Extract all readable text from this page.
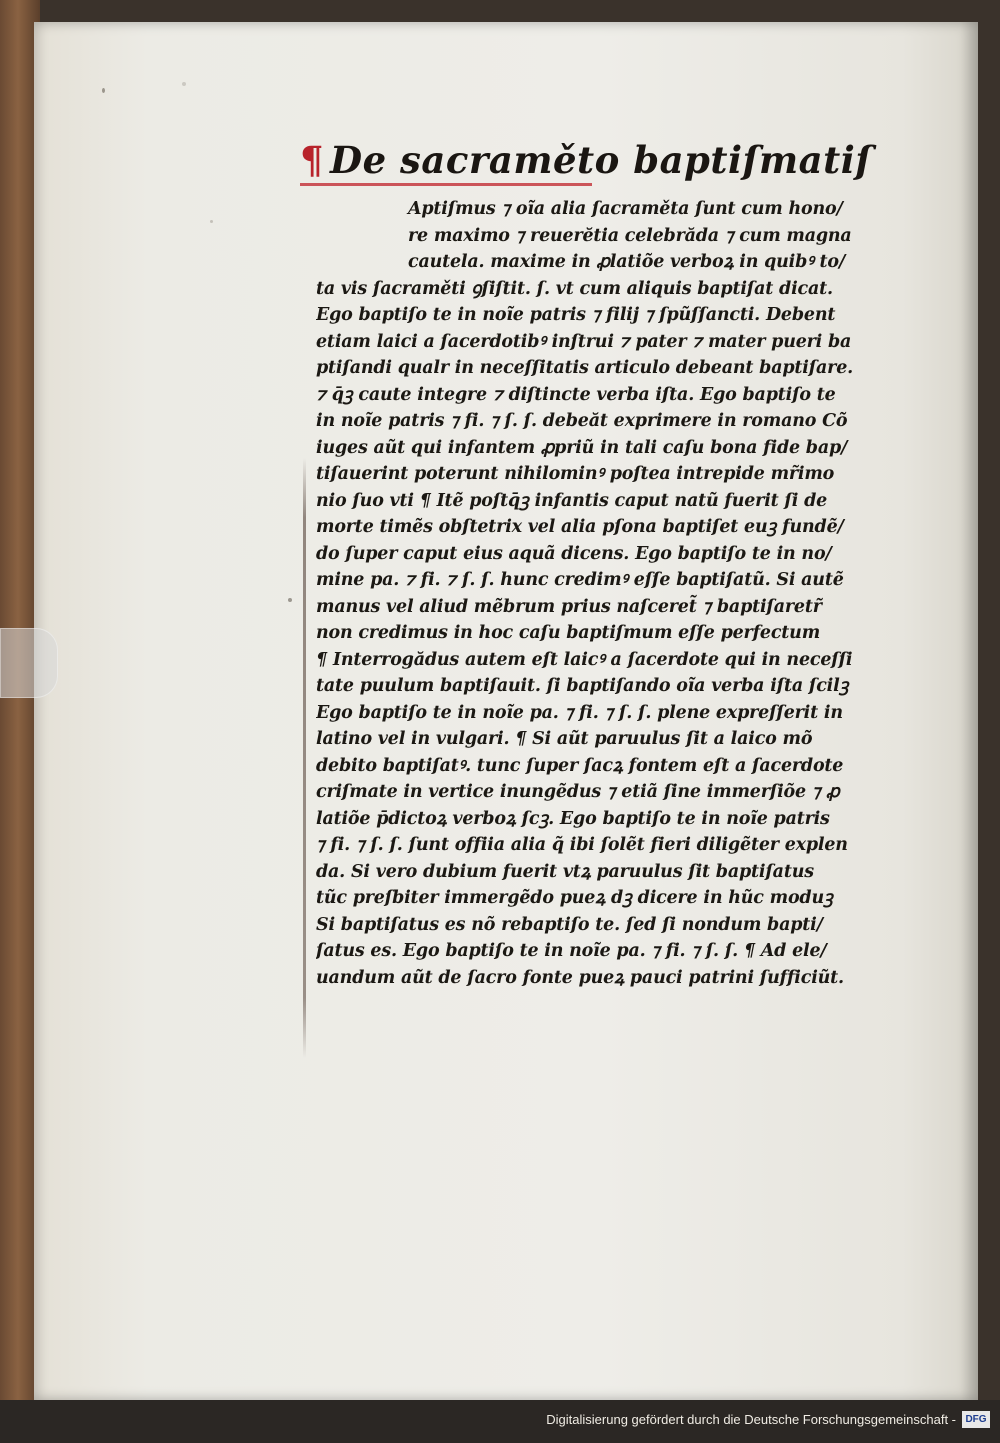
¶ De sacraměto baptiſmatiſ
Aptiſmus ⁊ oĩa alia ſacraměta ſunt cum hono/
re maximo ⁊ reuerĕtia celebrăda ⁊ cum magna
cautela. maxime in ꝓlatiõe verboꝝ in quibꝰ to/
ta vis ſacraměti ꝯſiſtit. ſ. vt cum aliquis baptiſat dicat.
Ego baptiſo te in noĩe patris ⁊ filij ⁊ ſpũſſancti. Debent
etiam laici a ſacerdotibꝰ inſtrui ⁊ pater ⁊ mater pueri ba
ptiſandi qualr in neceſſitatis articulo debeant baptiſare.
⁊ q̄ꝫ caute integre ⁊ diſtincte verba iſta. Ego baptiſo te
in noĩe patris ⁊ fi. ⁊ ſ. ſ. debeăt exprimere in romano Cõ
iuges aũt qui infantem ꝓpriũ in tali caſu bona fide bap/
tiſauerint poterunt nihilominꝰ poſtea intrepide mr̃imo
nio ſuo vti ¶ Itẽ poſtq̄ꝫ infantis caput natũ fuerit ſi de
morte timẽs obſtetrix vel alia pſona baptiſet euꝫ fundẽ/
do ſuper caput eius aquã dicens. Ego baptiſo te in no/
mine pa. ⁊ fi. ⁊ ſ. ſ. hunc credimꝰ eſſe baptiſatũ. Si autẽ
manus vel aliud mẽbrum prius naſceret̃ ⁊ baptiſaretr̃
non credimus in hoc caſu baptiſmum eſſe perfectum
¶ Interrogădus autem eſt laicꝰ a ſacerdote qui in neceſſi
tate puulum baptiſauit. ſi baptiſando oĩa verba iſta ſcilꝫ
Ego baptiſo te in noĩe pa. ⁊ fi. ⁊ ſ. ſ. plene expreſſerit in
latino vel in vulgari. ¶ Si aũt paruulus ſit a laico mõ
debito baptiſatꝰ. tunc ſuper ſacꝝ fontem eſt a ſacerdote
criſmate in vertice inungẽdus ⁊ etiã ſine immerſiõe ⁊ ꝓ
latiõe p̄dictoꝝ verboꝝ ſcꝫ. Ego baptiſo te in noĩe patris
⁊ fi. ⁊ ſ. ſ. ſunt offiia alia q̃ ibi ſolẽt fieri diligẽter explen
da. Si vero dubium fuerit vtꝝ paruulus ſit baptiſatus
tũc preſbiter immergẽdo pueꝝ dꝫ dicere in hũc moduꝫ
Si baptiſatus es nõ rebaptiſo te. ſed ſi nondum bapti/
ſatus es. Ego baptiſo te in noĩe pa. ⁊ fi. ⁊ ſ. ſ. ¶ Ad ele/
uandum aũt de ſacro fonte pueꝝ pauci patrini ſufficiũt.
Digitalisierung gefördert durch die Deutsche Forschungsgemeinschaft - DFG
